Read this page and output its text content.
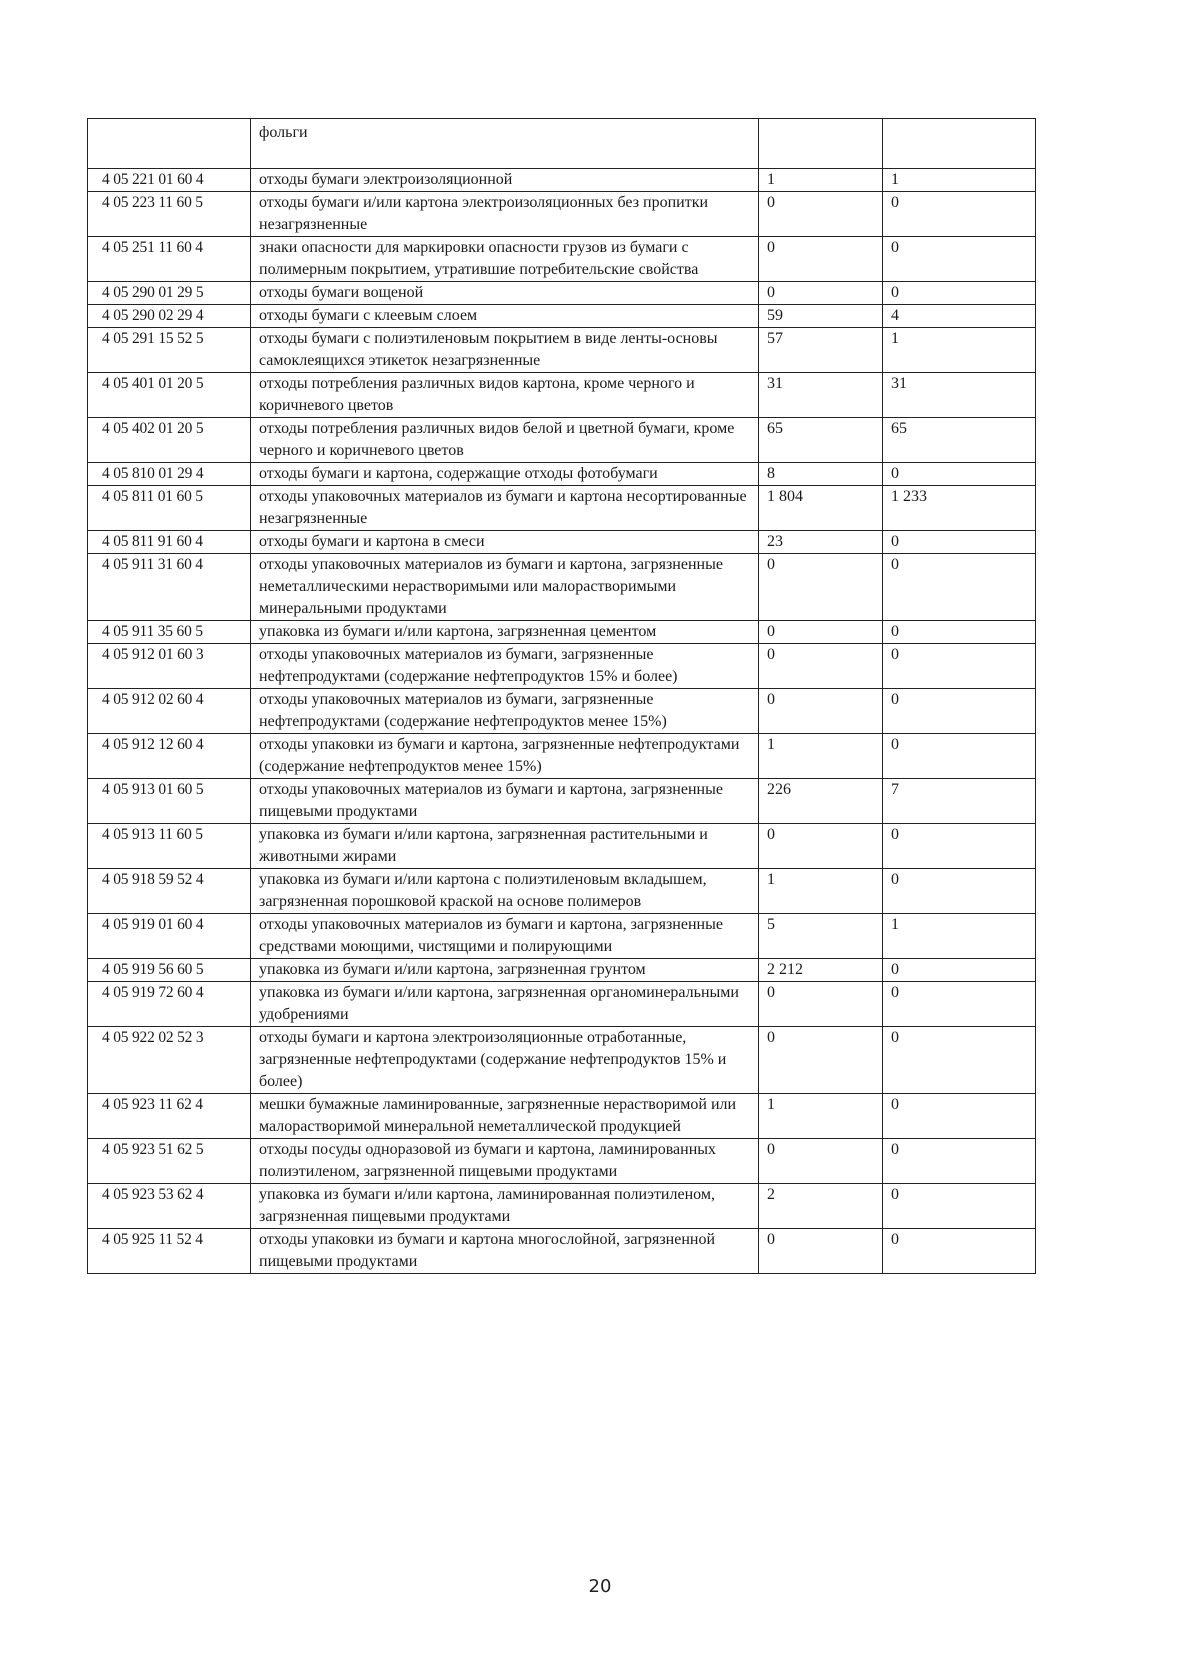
	фольги		
4 05 221 01 60 4	отходы бумаги электроизоляционной	1	1
4 05 223 11 60 5	отходы бумаги и/или картона электроизоляционных без пропитки незагрязненные	0	0
4 05 251 11 60 4	знаки опасности для маркировки опасности грузов из бумаги с полимерным покрытием, утратившие потребительские свойства	0	0
4 05 290 01 29 5	отходы бумаги вощеной	0	0
4 05 290 02 29 4	отходы бумаги с клеевым слоем	59	4
4 05 291 15 52 5	отходы бумаги с полиэтиленовым покрытием в виде ленты-основы самоклеящихся этикеток незагрязненные	57	1
4 05 401 01 20 5	отходы потребления различных видов картона, кроме черного и коричневого цветов	31	31
4 05 402 01 20 5	отходы потребления различных видов белой и цветной бумаги, кроме черного и коричневого цветов	65	65
4 05 810 01 29 4	отходы бумаги и картона, содержащие отходы фотобумаги	8	0
4 05 811 01 60 5	отходы упаковочных материалов из бумаги и картона несортированные незагрязненные	1 804	1 233
4 05 811 91 60 4	отходы бумаги и картона в смеси	23	0
4 05 911 31 60 4	отходы упаковочных материалов из бумаги и картона, загрязненные неметаллическими нерастворимыми или малорастворимыми минеральными продуктами	0	0
4 05 911 35 60 5	упаковка из бумаги и/или картона, загрязненная цементом	0	0
4 05 912 01 60 3	отходы упаковочных материалов из бумаги, загрязненные нефтепродуктами (содержание нефтепродуктов 15% и более)	0	0
4 05 912 02 60 4	отходы упаковочных материалов из бумаги, загрязненные нефтепродуктами (содержание нефтепродуктов менее 15%)	0	0
4 05 912 12 60 4	отходы упаковки из бумаги и картона, загрязненные нефтепродуктами (содержание нефтепродуктов менее 15%)	1	0
4 05 913 01 60 5	отходы упаковочных материалов из бумаги и картона, загрязненные пищевыми продуктами	226	7
4 05 913 11 60 5	упаковка из бумаги и/или картона, загрязненная растительными и животными жирами	0	0
4 05 918 59 52 4	упаковка из бумаги и/или картона с полиэтиленовым вкладышем, загрязненная порошковой краской на основе полимеров	1	0
4 05 919 01 60 4	отходы упаковочных материалов из бумаги и картона, загрязненные средствами моющими, чистящими и полирующими	5	1
4 05 919 56 60 5	упаковка из бумаги и/или картона, загрязненная грунтом	2 212	0
4 05 919 72 60 4	упаковка из бумаги и/или картона, загрязненная органоминеральными удобрениями	0	0
4 05 922 02 52 3	отходы бумаги и картона электроизоляционные отработанные, загрязненные нефтепродуктами (содержание нефтепродуктов 15% и более)	0	0
4 05 923 11 62 4	мешки бумажные ламинированные, загрязненные нерастворимой или малорастворимой минеральной неметаллической продукцией	1	0
4 05 923 51 62 5	отходы посуды одноразовой из бумаги и картона, ламинированных полиэтиленом, загрязненной пищевыми продуктами	0	0
4 05 923 53 62 4	упаковка из бумаги и/или картона, ламинированная полиэтиленом, загрязненная пищевыми продуктами	2	0
4 05 925 11 52 4	отходы упаковки из бумаги и картона многослойной, загрязненной пищевыми продуктами	0	0
20
